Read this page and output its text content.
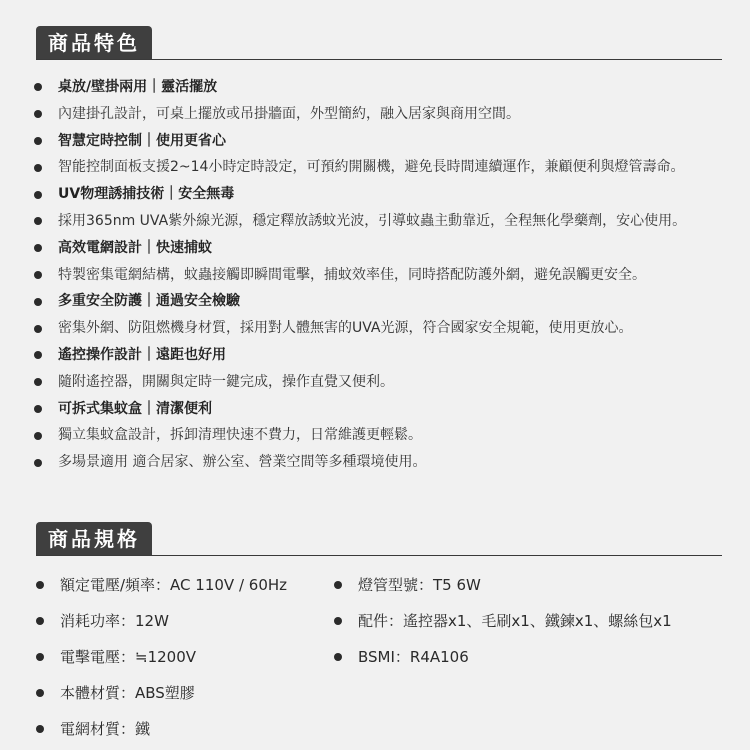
商品特色
桌放/壁掛兩用｜靈活擺放
內建掛孔設計，可桌上擺放或吊掛牆面，外型簡約，融入居家與商用空間。
智慧定時控制｜使用更省心
智能控制面板支援2~14小時定時設定，可預約開關機，避免長時間連續運作，兼顧便利與燈管壽命。
UV物理誘捕技術｜安全無毒
採用365nm UVA紫外線光源，穩定釋放誘蚊光波，引導蚊蟲主動靠近，全程無化學藥劑，安心使用。
高效電網設計｜快速捕蚊
特製密集電網結構，蚊蟲接觸即瞬間電擊，捕蚊效率佳，同時搭配防護外網，避免誤觸更安全。
多重安全防護｜通過安全檢驗
密集外網、防阻燃機身材質，採用對人體無害的UVA光源，符合國家安全規範，使用更放心。
遙控操作設計｜遠距也好用
隨附遙控器，開關與定時一鍵完成，操作直覺又便利。
可拆式集蚊盒｜清潔便利
獨立集蚊盒設計，拆卸清理快速不費力，日常維護更輕鬆。
多場景適用 適合居家、辦公室、營業空間等多種環境使用。
商品規格
額定電壓/頻率：AC 110V / 60Hz
消耗功率：12W
電擊電壓：≒1200V
本體材質：ABS塑膠
電網材質：鐵
燈管型號：T5 6W
配件：遙控器x1、毛刷x1、鐵鍊x1、螺絲包x1
BSMI：R4A106
